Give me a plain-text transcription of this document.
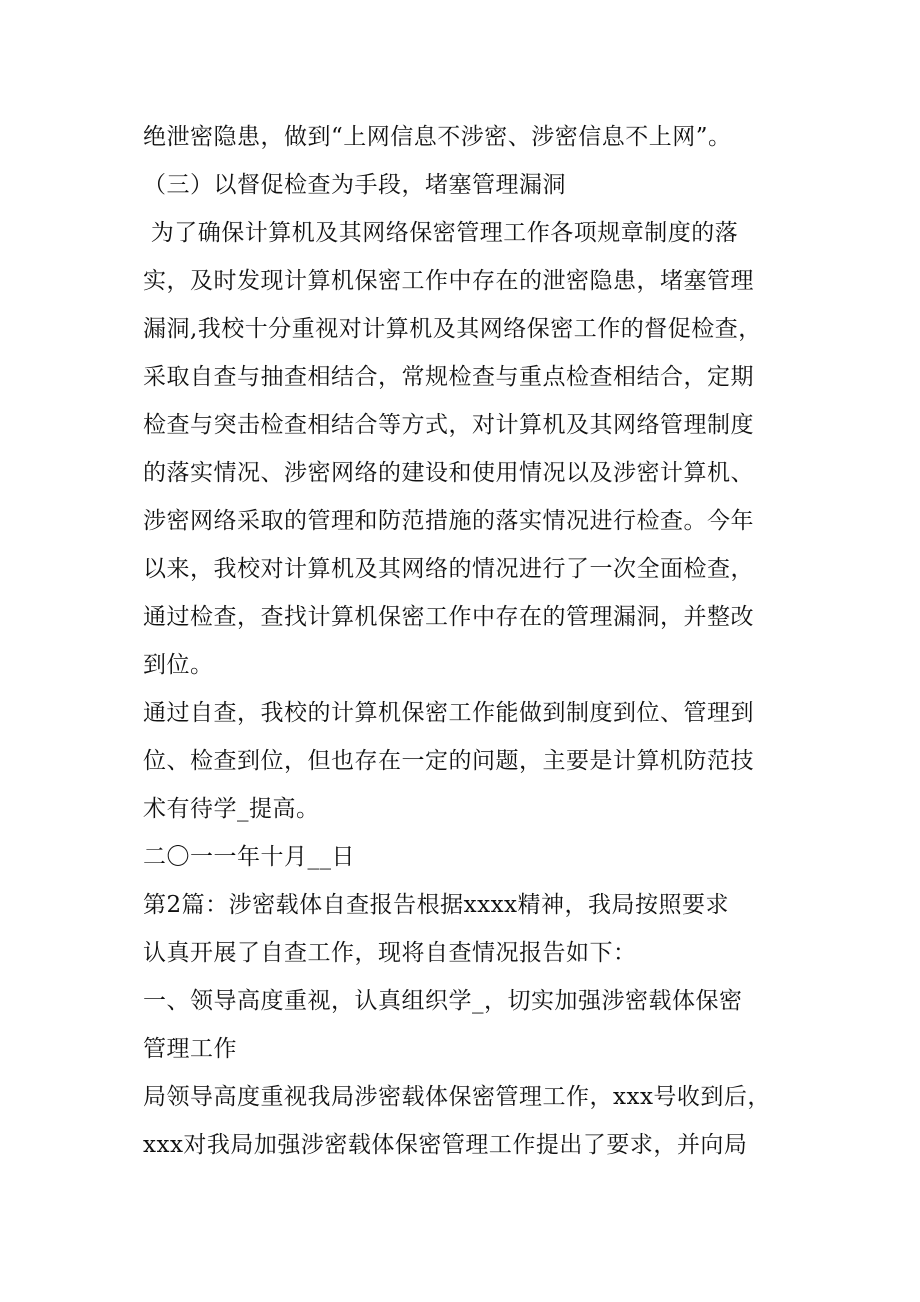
绝泄密隐患，做到“上网信息不涉密、涉密信息不上网”。
（三）以督促检查为手段，堵塞管理漏洞
为了确保计算机及其网络保密管理工作各项规章制度的落
实，及时发现计算机保密工作中存在的泄密隐患，堵塞管理
漏洞,我校十分重视对计算机及其网络保密工作的督促检查，
采取自查与抽查相结合，常规检查与重点检查相结合，定期
检查与突击检查相结合等方式，对计算机及其网络管理制度
的落实情况、涉密网络的建设和使用情况以及涉密计算机、
涉密网络采取的管理和防范措施的落实情况进行检查。今年
以来，我校对计算机及其网络的情况进行了一次全面检查，
通过检查，查找计算机保密工作中存在的管理漏洞，并整改
到位。
通过自查，我校的计算机保密工作能做到制度到位、管理到
位、检查到位，但也存在一定的问题，主要是计算机防范技
术有待学_提高。
二〇一一年十月__日
第2篇：涉密载体自查报告根据xxxx精神，我局按照要求
认真开展了自查工作，现将自查情况报告如下：
一、领导高度重视，认真组织学_，切实加强涉密载体保密
管理工作
局领导高度重视我局涉密载体保密管理工作，xxx号收到后，
xxx对我局加强涉密载体保密管理工作提出了要求，并向局
